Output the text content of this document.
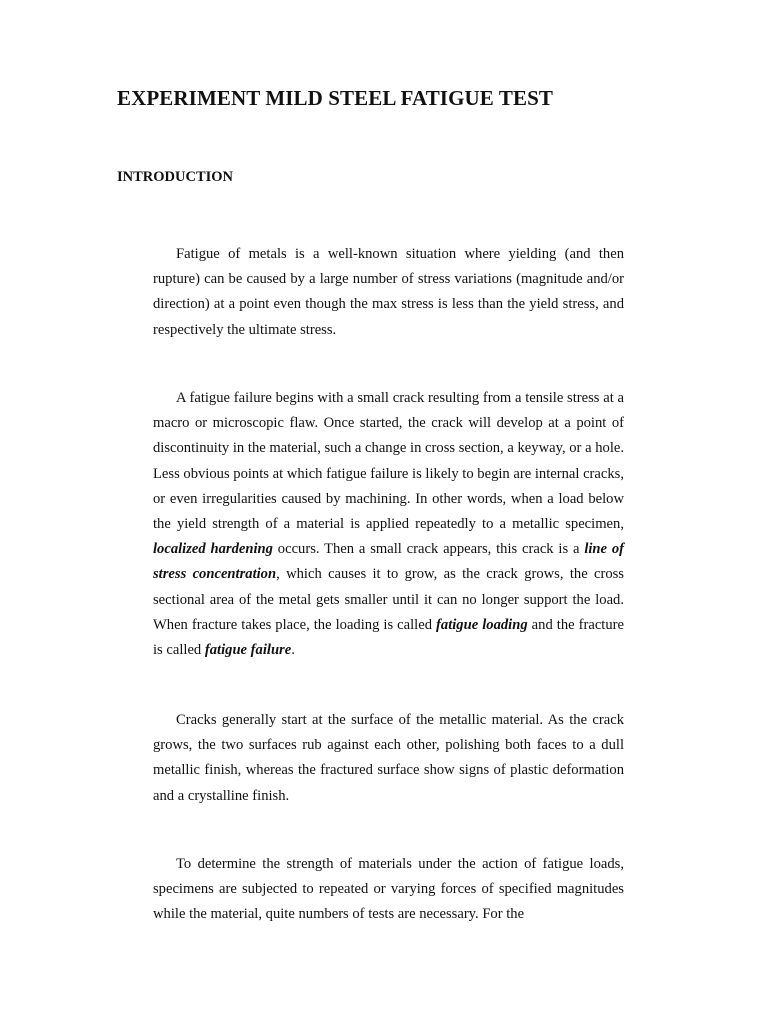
EXPERIMENT MILD STEEL FATIGUE TEST
INTRODUCTION

Fatigue of metals is a well-known situation where yielding (and then rupture) can be caused by a large number of stress variations (magnitude and/or direction) at a point even though the max stress is less than the yield stress, and respectively the ultimate stress.

A fatigue failure begins with a small crack resulting from a tensile stress at a macro or microscopic flaw. Once started, the crack will develop at a point of discontinuity in the material, such a change in cross section, a keyway, or a hole. Less obvious points at which fatigue failure is likely to begin are internal cracks, or even irregularities caused by machining. In other words, when a load below the yield strength of a material is applied repeatedly to a metallic specimen, localized hardening occurs. Then a small crack appears, this crack is a line of stress concentration, which causes it to grow, as the crack grows, the cross sectional area of the metal gets smaller until it can no longer support the load. When fracture takes place, the loading is called fatigue loading and the fracture is called fatigue failure.

Cracks generally start at the surface of the metallic material. As the crack grows, the two surfaces rub against each other, polishing both faces to a dull metallic finish, whereas the fractured surface show signs of plastic deformation and a crystalline finish.

To determine the strength of materials under the action of fatigue loads, specimens are subjected to repeated or varying forces of specified magnitudes while the material, quite numbers of tests are necessary. For the
